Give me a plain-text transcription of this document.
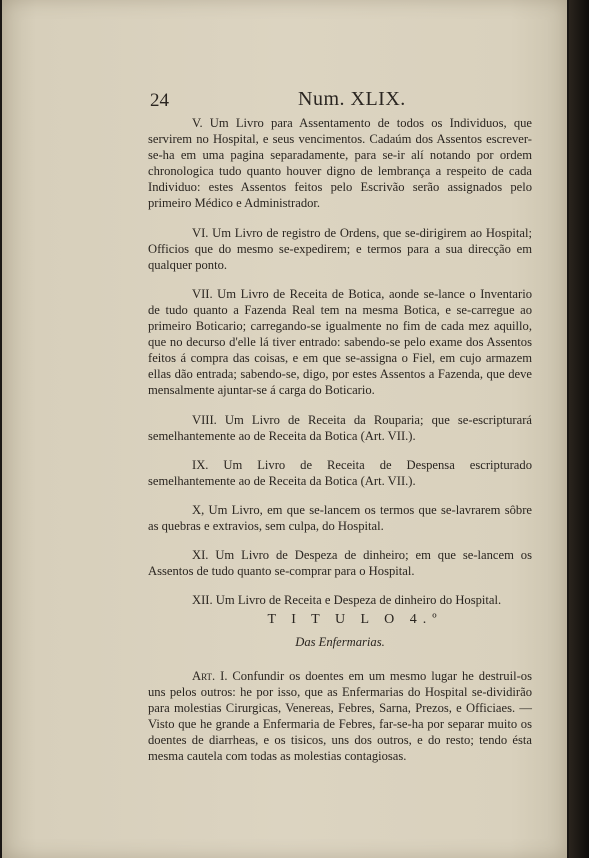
24	Num. XLIX.

V. Um Livro para Assentamento de todos os Individuos, que servirem no Hospital, e seus vencimentos. Cadaúm dos Assentos escrever-se-ha em uma pagina separadamente, para se-ir alí notando por ordem chronologica tudo quanto houver digno de lembrança a respeito de cada Individuo: estes Assentos feitos pelo Escrivão serão assignados pelo primeiro Médico e Administrador.

VI. Um Livro de registro de Ordens, que se-dirigirem ao Hospital; Officios que do mesmo se-expedirem; e termos para a sua direcção em qualquer ponto.

VII. Um Livro de Receita de Botica, aonde se-lance o Inventario de tudo quanto a Fazenda Real tem na mesma Botica, e se-carregue ao primeiro Boticario; carregando-se igualmente no fim de cada mez aquillo, que no decurso d'elle lá tiver entrado: sabendo-se pelo exame dos Assentos feitos á compra das coisas, e em que se-assigna o Fiel, em cujo armazem ellas dão entrada; sabendo-se, digo, por estes Assentos a Fazenda, que deve mensalmente ajuntar-se á carga do Boticario.

VIII. Um Livro de Receita da Rouparia; que se-escripturará semelhantemente ao de Receita da Botica (Art. VII.).

IX. Um Livro de Receita de Despensa escripturado semelhantemente ao de Receita da Botica (Art. VII.).

X, Um Livro, em que se-lancem os termos que se-lavrarem sôbre as quebras e extravios, sem culpa, do Hospital.

XI. Um Livro de Despeza de dinheiro; em que se-lancem os Assentos de tudo quanto se-comprar para o Hospital.

XII. Um Livro de Receita e Despeza de dinheiro do Hospital.

T I T U L O 4.º
Das Enfermarias.

Art. I. Confundir os doentes em um mesmo lugar he destruil-os uns pelos outros: he por isso, que as Enfermarias do Hospital se-dividirão para molestias Cirurgicas, Venereas, Febres, Sarna, Prezos, e Officiaes. — Visto que he grande a Enfermaria de Febres, far-se-ha por separar muito os doentes de diarrheas, e os tisicos, uns dos outros, e do resto; tendo ésta mesma cautela com todas as molestias contagiosas.
